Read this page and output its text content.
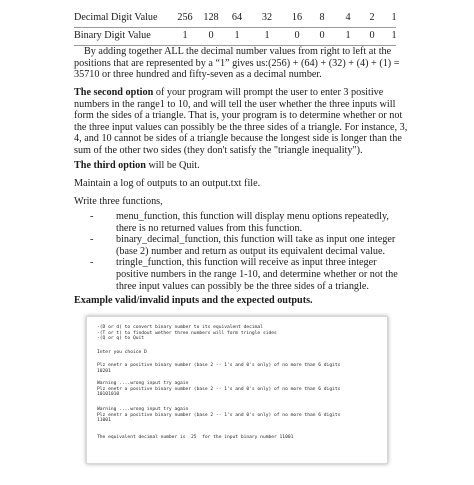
Decimal Digit Value	256	128	64	32	16	8	4	2	1
Binary Digit Value	1	0	1	1	0	0	1	0	1
By adding together ALL the decimal number values from right to left at the positions that are represented by a “1” gives us:(256) + (64) + (32) + (4) + (1) = 35710 or three hundred and fifty-seven as a decimal number.
The second option of your program will prompt the user to enter 3 positive numbers in the range1 to 10, and will tell the user whether the three inputs will form the sides of a triangle. That is, your program is to determine whether or not the three input values can possibly be the three sides of a triangle. For instance, 3, 4, and 10 cannot be sides of a triangle because the longest side is longer than the sum of the other two sides (they don't satisfy the "triangle inequality").
The third option will be Quit.
Maintain a log of outputs to an output.txt file.
Write three functions,
- menu_function, this function will display menu options repeatedly, there is no returned values from this function.
- binary_decimal_function, this function will take as input one integer (base 2) number and return as output its equivalent decimal value.
- tringle_function, this function will receive as input three integer positive numbers in the range 1-10, and determine whether or not the three input values can possibly be the three sides of a triangle.
Example valid/invalid inputs and the expected outputs.
-(D or d) to convert binary number to its equivalent decimal
-(T or t) to findout wether three numbers will form tringle sides
-(Q or q) to Quit
Inter you choice D
Plz enetr a positive binary number (base 2 -- 1's and 0's only) of no more than 6 digits
10201
Warning ....wrong input try again
Plz enetr a positive binary number (base 2 -- 1's and 0's only) of no more than 6 digits
10101010
Warning ....wrong input try again
Plz enetr a positive binary number (base 2 -- 1's and 0's only) of no more than 6 digits
11001
The equivalent decimal number is  25  for the input binary number 11001
